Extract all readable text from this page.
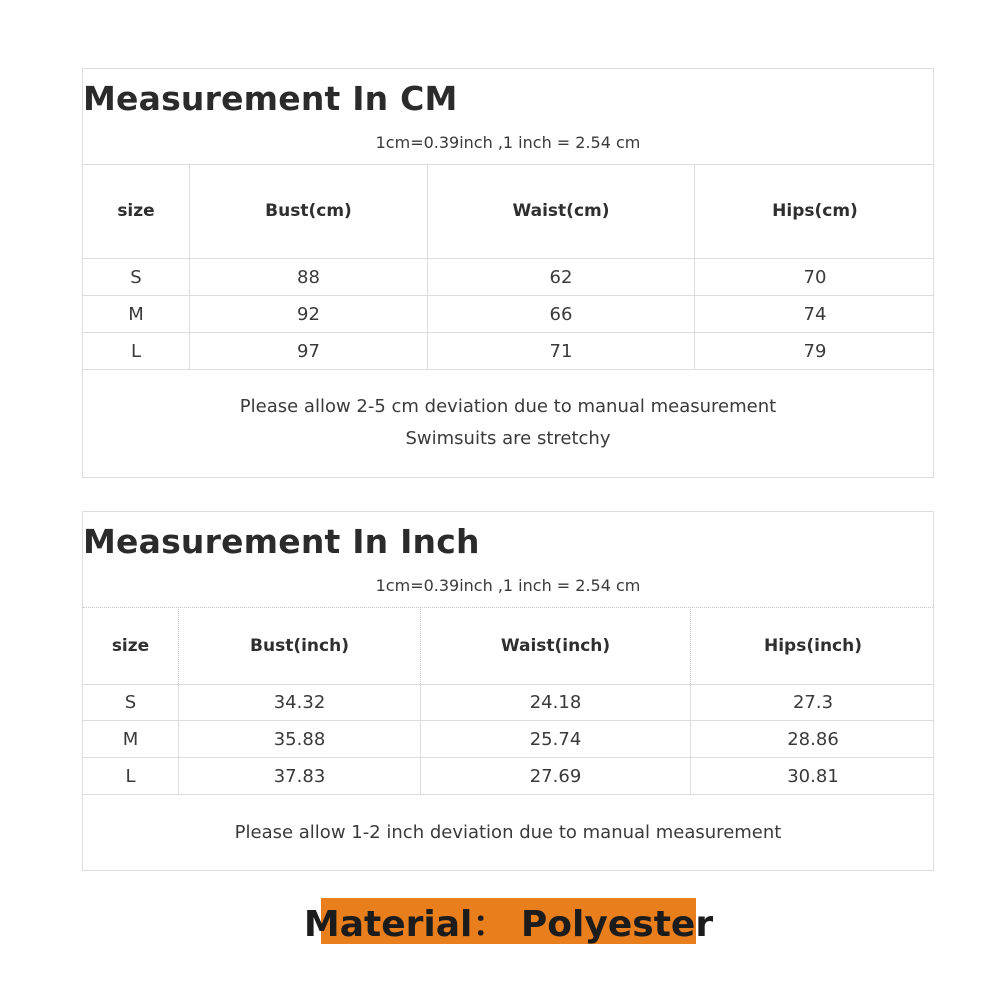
Measurement In CM
1cm=0.39inch ,1 inch = 2.54 cm
size	Bust(cm)	Waist(cm)	Hips(cm)
S	88	62	70
M	92	66	74
L	97	71	79
Please allow 2-5 cm deviation due to manual measurement
Swimsuits are stretchy
Measurement In Inch
1cm=0.39inch ,1 inch = 2.54 cm
size	Bust(inch)	Waist(inch)	Hips(inch)
S	34.32	24.18	27.3
M	35.88	25.74	28.86
L	37.83	27.69	30.81
Please allow 1-2 inch deviation due to manual measurement
Material： Polyester
